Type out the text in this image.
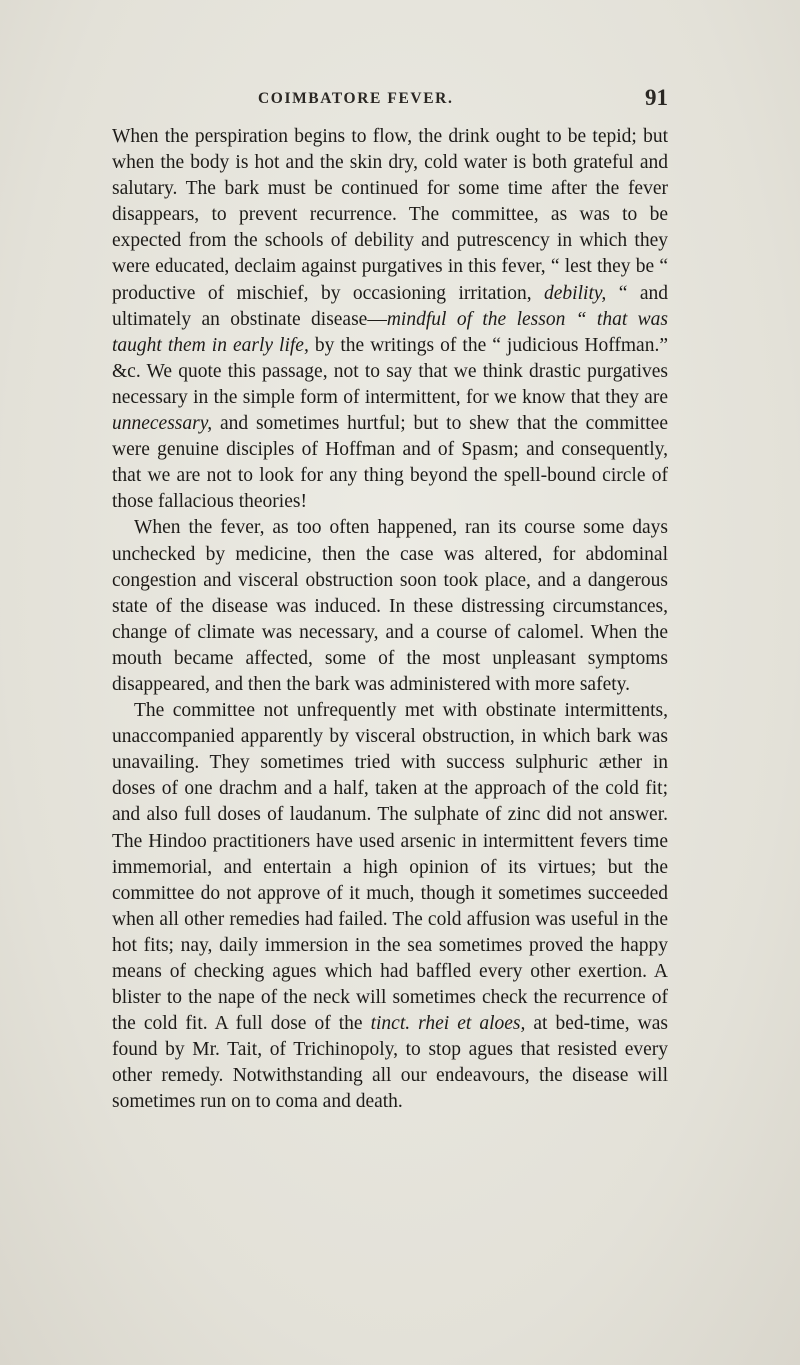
COIMBATORE FEVER.	91

When the perspiration begins to flow, the drink ought to be tepid; but when the body is hot and the skin dry, cold water is both grateful and salutary. The bark must be continued for some time after the fever disappears, to prevent recurrence. The committee, as was to be expected from the schools of debility and putrescency in which they were educated, declaim against purgatives in this fever, “ lest they be “ productive of mischief, by occasioning irritation, debility, “ and ultimately an obstinate disease—mindful of the lesson “ that was taught them in early life, by the writings of the “ judicious Hoffman.” &c. We quote this passage, not to say that we think drastic purgatives necessary in the simple form of intermittent, for we know that they are unnecessary, and sometimes hurtful; but to shew that the committee were genuine disciples of Hoffman and of Spasm; and consequently, that we are not to look for any thing beyond the spell-bound circle of those fallacious theories!

When the fever, as too often happened, ran its course some days unchecked by medicine, then the case was altered, for abdominal congestion and visceral obstruction soon took place, and a dangerous state of the disease was induced. In these distressing circumstances, change of climate was necessary, and a course of calomel. When the mouth became affected, some of the most unpleasant symptoms disappeared, and then the bark was administered with more safety.

The committee not unfrequently met with obstinate intermittents, unaccompanied apparently by visceral obstruction, in which bark was unavailing. They sometimes tried with success sulphuric æther in doses of one drachm and a half, taken at the approach of the cold fit; and also full doses of laudanum. The sulphate of zinc did not answer. The Hindoo practitioners have used arsenic in intermittent fevers time immemorial, and entertain a high opinion of its virtues; but the committee do not approve of it much, though it sometimes succeeded when all other remedies had failed. The cold affusion was useful in the hot fits; nay, daily immersion in the sea sometimes proved the happy means of checking agues which had baffled every other exertion. A blister to the nape of the neck will sometimes check the recurrence of the cold fit. A full dose of the tinct. rhei et aloes, at bed-time, was found by Mr. Tait, of Trichinopoly, to stop agues that resisted every other remedy. Notwithstanding all our endeavours, the disease will sometimes run on to coma and death.
